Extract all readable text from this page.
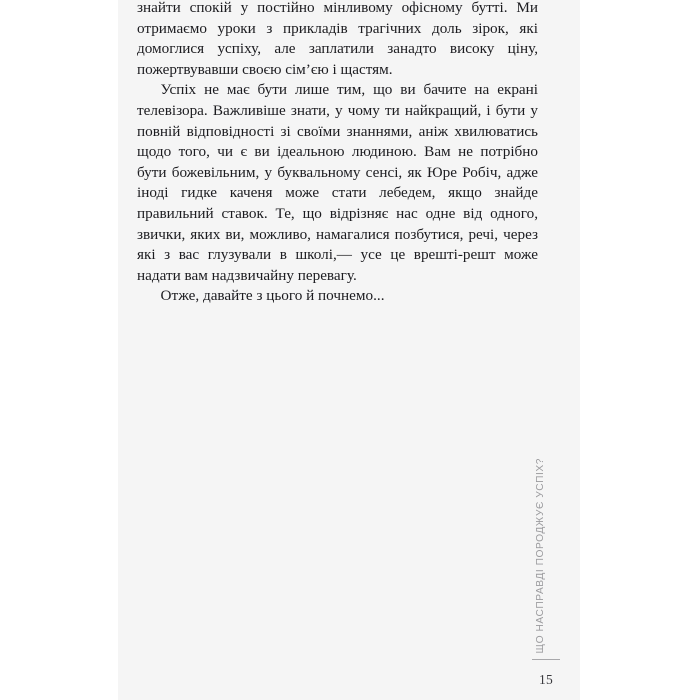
знайти спокій у постійно мінливому офісному бутті. Ми отримаємо уроки з прикладів трагічних доль зірок, які домоглися успіху, але заплатили занадто високу ціну, пожертвувавши своєю сім’єю і щастям.

Успіх не має бути лише тим, що ви бачите на екрані телевізора. Важливіше знати, у чому ти найкращий, і бути у повній відповідності зі своїми знаннями, аніж хвилюватись щодо того, чи є ви ідеальною людиною. Вам не потрібно бути божевільним, у буквальному сенсі, як Юре Робіч, адже іноді гидке каченя може стати лебедем, якщо знайде правильний ставок. Те, що відрізняє нас одне від одного, звички, яких ви, можливо, намагалися позбутися, речі, через які з вас глузували в школі,— усе це врешті-решт може надати вам надзвичайну перевагу.

Отже, давайте з цього й почнемо...

ЩО НАСПРАВДІ ПОРОДЖУЄ УСПІХ?
15
